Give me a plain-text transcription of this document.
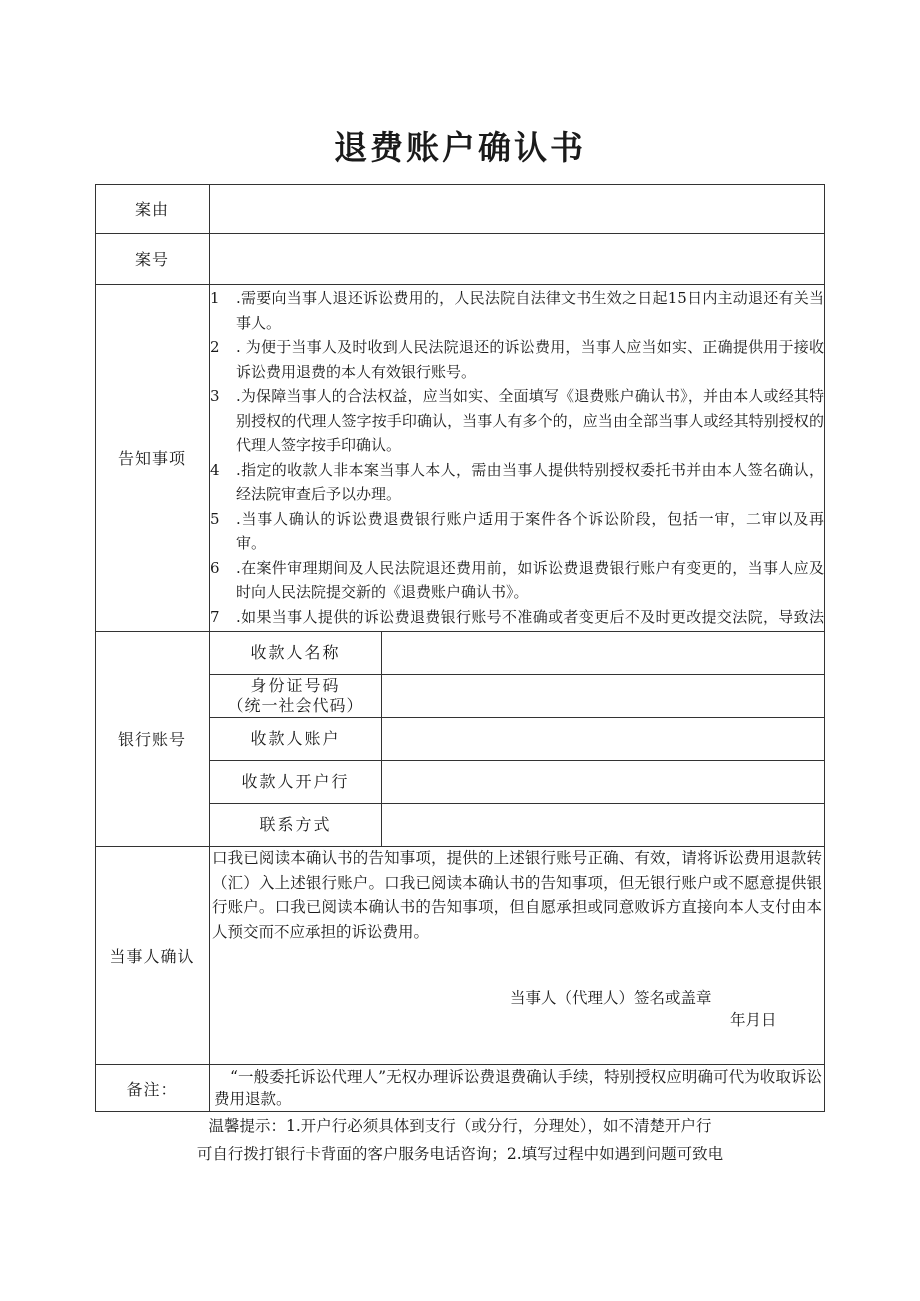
退费账户确认书
案由
案号
告知事项
银行账号
当事人确认
备注：
1 .需要向当事人退还诉讼费用的，人民法院自法律文书生效之日起15日内主动退还有关当事人。
2 . 为便于当事人及时收到人民法院退还的诉讼费用，当事人应当如实、正确提供用于接收诉讼费用退费的本人有效银行账号。
3 .为保障当事人的合法权益，应当如实、全面填写《退费账户确认书》，并由本人或经其特别授权的代理人签字按手印确认，当事人有多个的，应当由全部当事人或经其特别授权的代理人签字按手印确认。
4 .指定的收款人非本案当事人本人，需由当事人提供特别授权委托书并由本人签名确认，经法院审查后予以办理。
5 .当事人确认的诉讼费退费银行账户适用于案件各个诉讼阶段，包括一审，二审以及再审。
6 .在案件审理期间及人民法院退还费用前，如诉讼费退费银行账户有变更的，当事人应及时向人民法院提交新的《退费账户确认书》。
7 .如果当事人提供的诉讼费退费银行账号不准确或者变更后不及时更改提交法院，导致法
收款人名称
身份证号码
（统一社会代码）
收款人账户
收款人开户行
联系方式
口我已阅读本确认书的告知事项，提供的上述银行账号正确、有效，请将诉讼费用退款转（汇）入上述银行账户。口我已阅读本确认书的告知事项，但无银行账户或不愿意提供银行账户。口我已阅读本确认书的告知事项，但自愿承担或同意败诉方直接向本人支付由本人预交而不应承担的诉讼费用。
当事人（代理人）签名或盖章
年月日
“一般委托诉讼代理人”无权办理诉讼费退费确认手续，特别授权应明确可代为收取诉讼费用退款。
温馨提示：1.开户行必须具体到支行（或分行，分理处），如不清楚开户行
可自行拨打银行卡背面的客户服务电话咨询；2.填写过程中如遇到问题可致电
